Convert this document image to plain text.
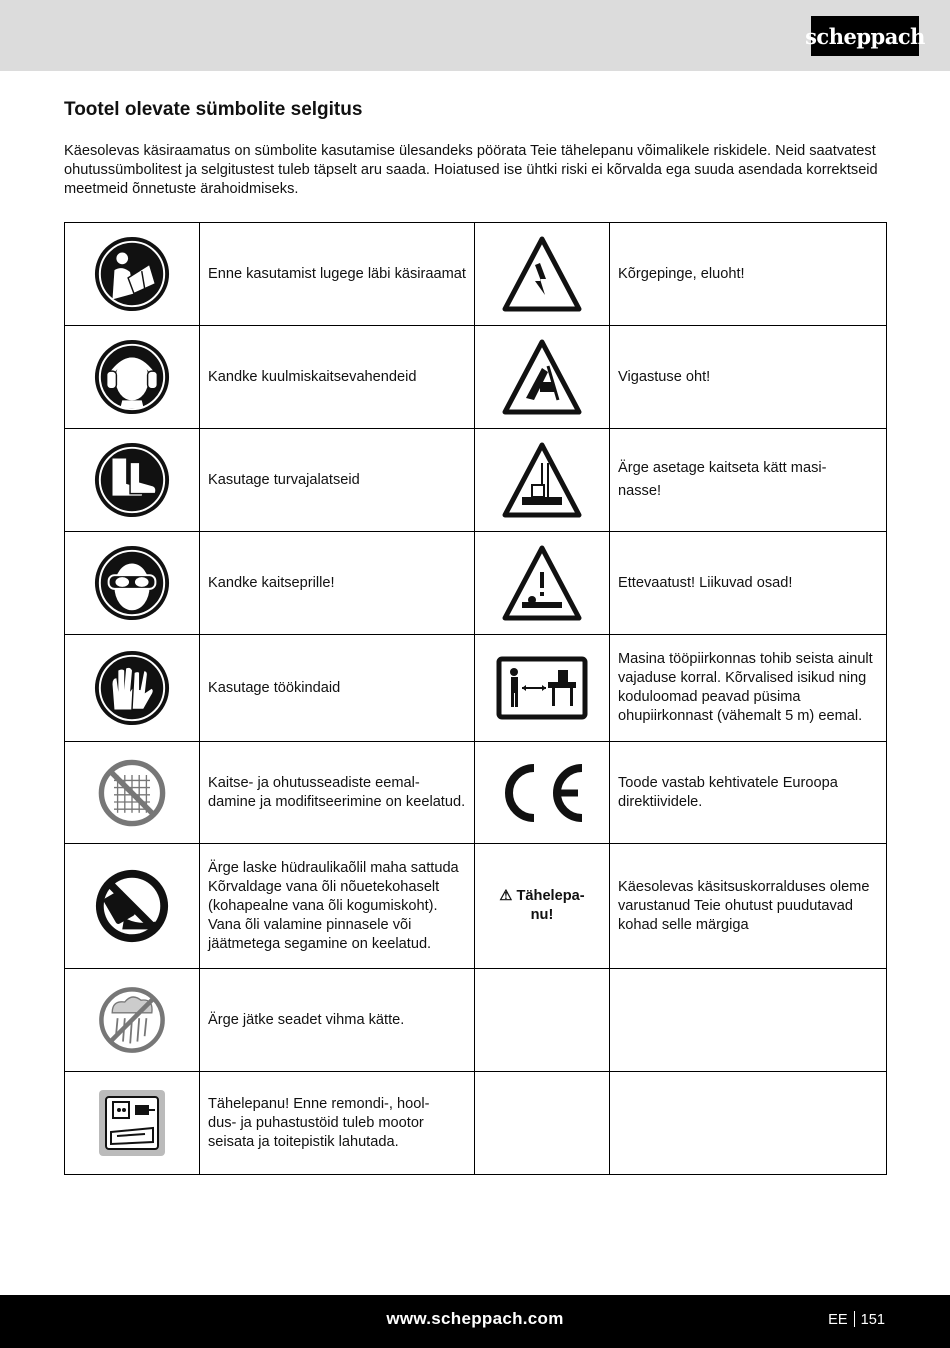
scheppach
Tootel olevate sümbolite selgitus

Käesolevas käsiraamatus on sümbolite kasutamise ülesandeks pöörata Teie tähelepanu võimalikele riskidele. Neid saatvatest ohutussümbolitest ja selgitustest tuleb täpselt aru saada. Hoiatused ise ühtki riski ei kõrvalda ega suuda asendada korrektseid meetmeid õnnetuste ärahoidmiseks.

	Enne kasutamist lugege läbi käsiraamat		Kõrgepinge, eluoht!

	Kandke kuulmiskaitsevahendeid		Vigastuse oht!

	Kasutage turvajalatseid		Ärge asetage kaitseta kätt masi-
nasse!

	Kandke kaitseprille!		Ettevaatust! Liikuvad osad!

	Kasutage töökindaid		Masina tööpiirkonnas tohib seista ainult vajaduse korral. Kõrvalised isikud ning koduloomad peavad püsima ohupiirkonnast (vähemalt 5 m) eemal.

	Kaitse- ja ohutusseadiste eemal-
damine ja modifitseerimine on keelatud.		Toode vastab kehtivatele Euroopa direktiividele.

	Ärge laske hüdraulikaõlil maha sattuda
Kõrvaldage vana õli nõuetekohaselt (kohapealne vana õli kogumiskoht). Vana õli valamine pinnasele või jäätmetega segamine on keelatud.	⚠ Tähelepa-
nu!	Käesolevas käsitsuskorralduses oleme varustanud Teie ohutust puudutavad kohad selle märgiga

	Ärge jätke seadet vihma kätte.		

	Tähelepanu! Enne remondi-, hool-
dus- ja puhastustöid tuleb mootor seisata ja toitepistik lahutada.		
www.scheppach.com	EE 151
